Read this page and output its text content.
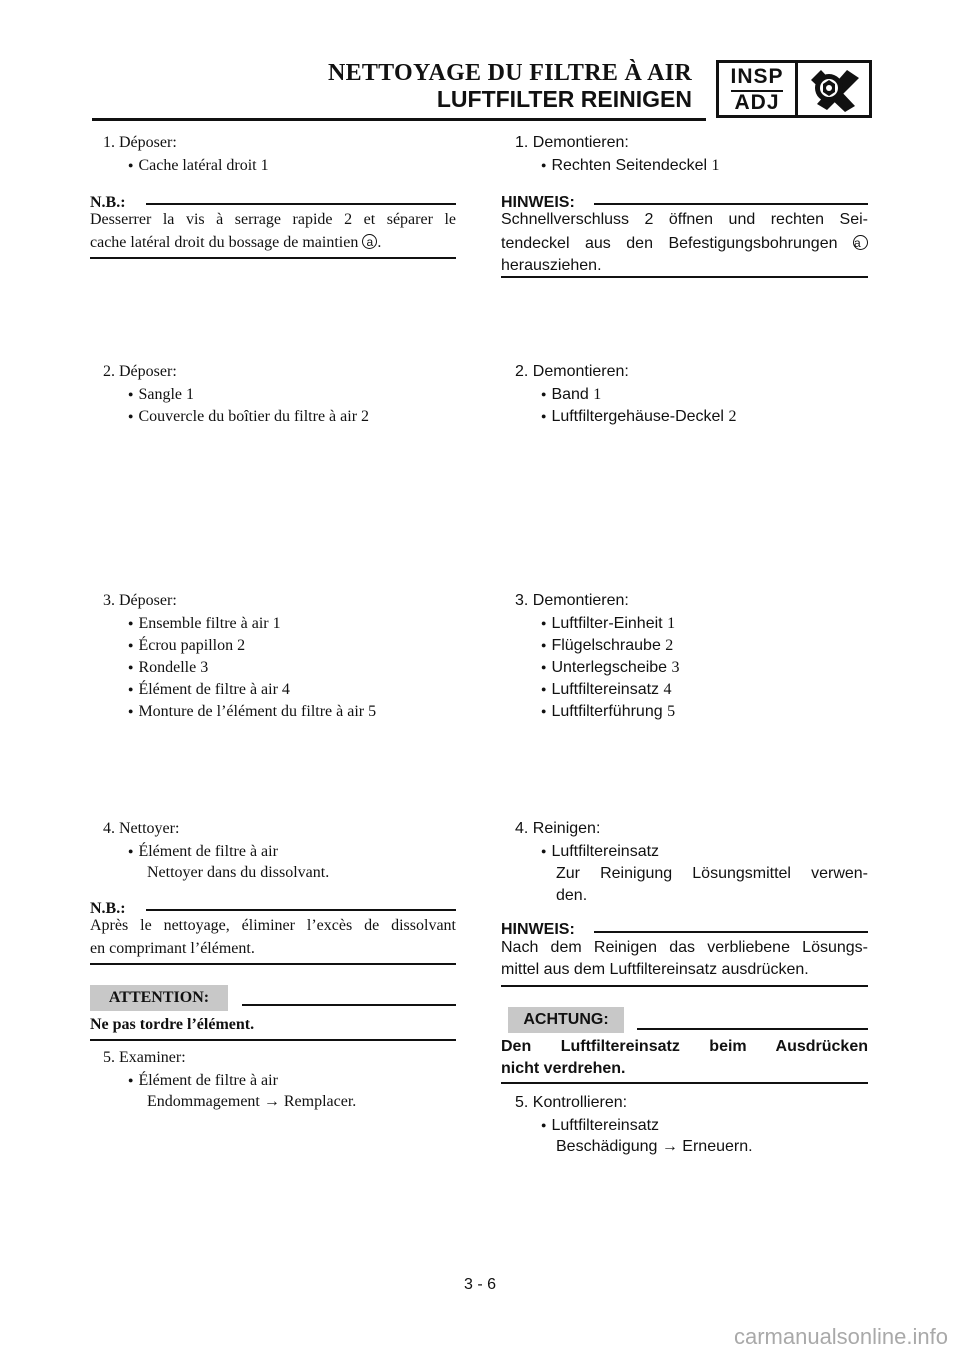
NETTOYAGE DU FILTRE À AIR
LUFTFILTER REINIGEN
INSP
ADJ
1. Déposer:
● Cache latéral droit 1
N.B.:
Desserrer la vis à serrage rapide 2 et séparer le
cache latéral droit du bossage de maintien a .
2. Déposer:
● Sangle 1
● Couvercle du boîtier du filtre à air 2
3. Déposer:
● Ensemble filtre à air 1
● Écrou papillon 2
● Rondelle 3
● Élément de filtre à air 4
● Monture de l’élément du filtre à air 5
4. Nettoyer:
● Élément de filtre à air
Nettoyer dans du dissolvant.
N.B.:
Après le nettoyage, éliminer l’excès de dissolvant
en comprimant l’élément.
ATTENTION:
Ne pas tordre l’élément.
5. Examiner:
● Élément de filtre à air
Endommagement → Remplacer.
1. Demontieren:
● Rechten Seitendeckel 1
HINWEIS:
Schnellverschluss 2 öffnen und rechten Sei-
tendeckel aus den Befestigungsbohrungen a
herausziehen.
2. Demontieren:
● Band 1
● Luftfiltergehäuse-Deckel 2
3. Demontieren:
● Luftfilter-Einheit 1
● Flügelschraube 2
● Unterlegscheibe 3
● Luftfiltereinsatz 4
● Luftfilterführung 5
4. Reinigen:
● Luftfiltereinsatz
Zur Reinigung Lösungsmittel verwen-
den.
HINWEIS:
Nach dem Reinigen das verbliebene Lösungs-
mittel aus dem Luftfiltereinsatz ausdrücken.
ACHTUNG:
Den Luftfiltereinsatz beim Ausdrücken
nicht verdrehen.
5. Kontrollieren:
● Luftfiltereinsatz
Beschädigung → Erneuern.
3 - 6
carmanualsonline.info
